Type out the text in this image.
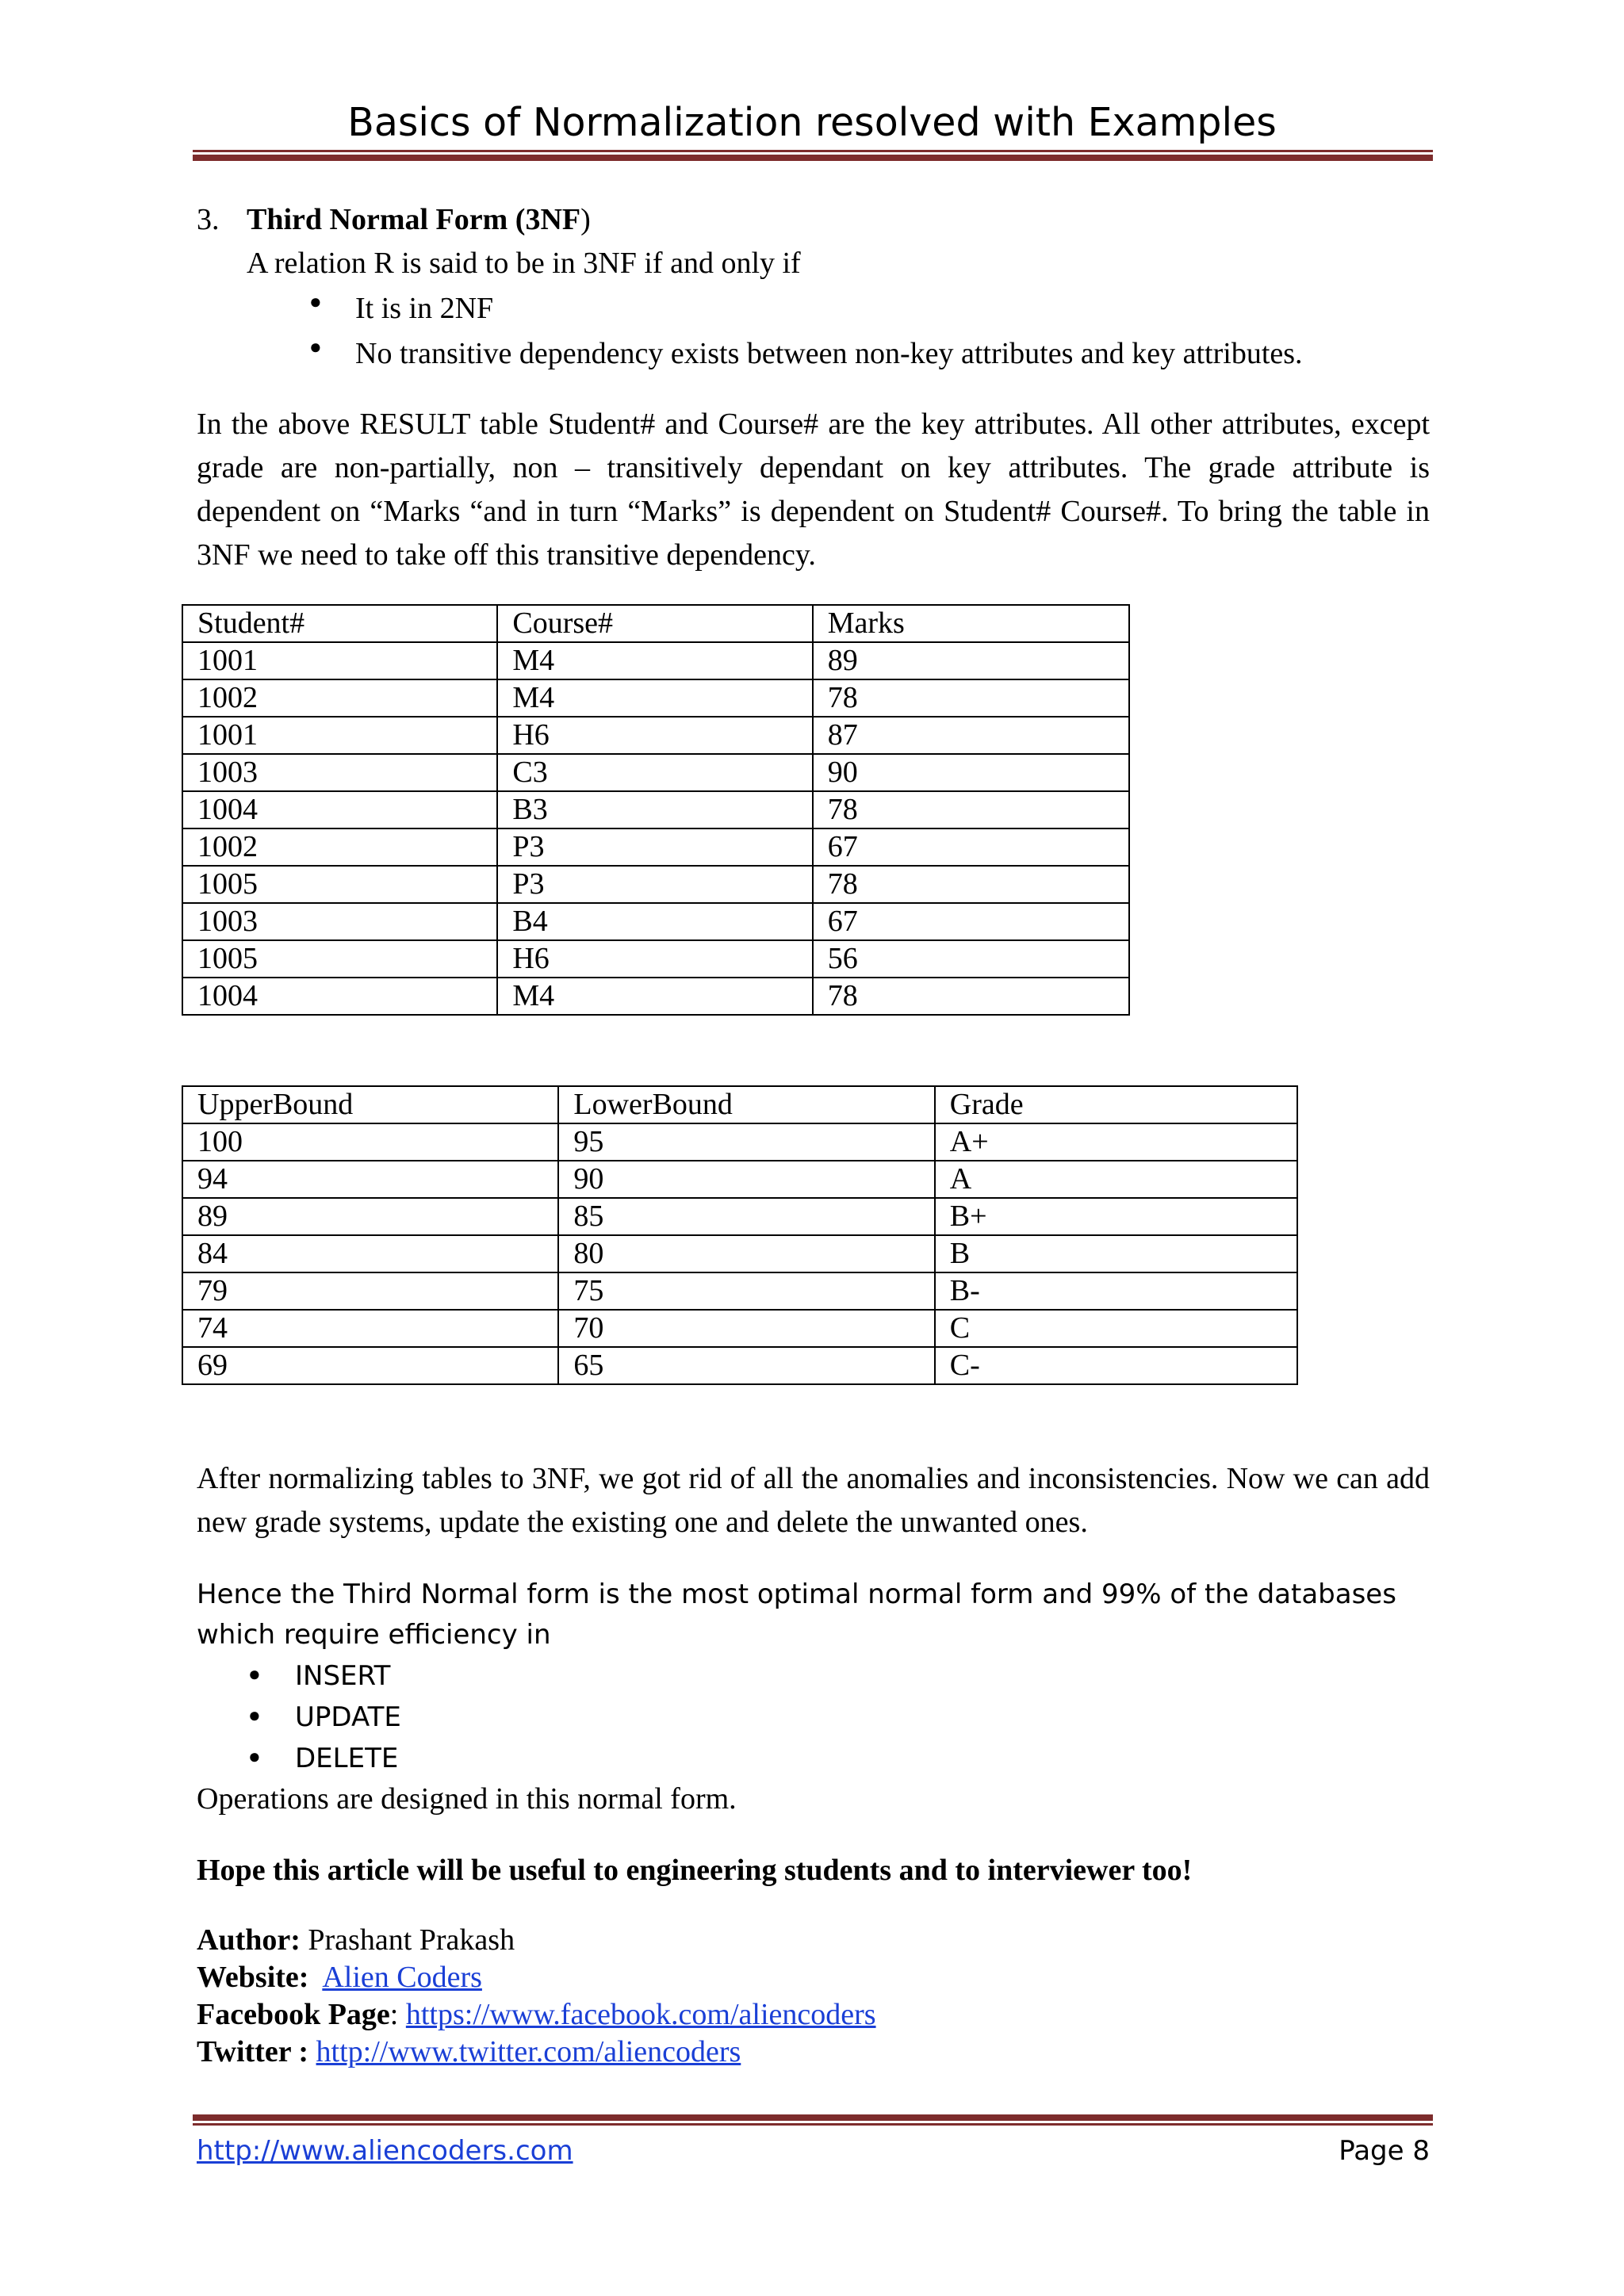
Basics of Normalization resolved with Examples
3. Third Normal Form (3NF)
A relation R is said to be in 3NF if and only if
● It is in 2NF
● No transitive dependency exists between non-key attributes and key attributes.
In the above RESULT table Student# and Course# are the key attributes. All other attributes, except grade are non-partially, non – transitively dependant on key attributes. The grade attribute is dependent on “Marks “and in turn “Marks” is dependent on Student# Course#. To bring the table in 3NF we need to take off this transitive dependency.
Student#	Course#	Marks
1001	M4	89
1002	M4	78
1001	H6	87
1003	C3	90
1004	B3	78
1002	P3	67
1005	P3	78
1003	B4	67
1005	H6	56
1004	M4	78
UpperBound	LowerBound	Grade
100	95	A+
94	90	A
89	85	B+
84	80	B
79	75	B-
74	70	C
69	65	C-
After normalizing tables to 3NF, we got rid of all the anomalies and inconsistencies. Now we can add new grade systems, update the existing one and delete the unwanted ones.
Hence the Third Normal form is the most optimal normal form and 99% of the databases
which require efficiency in
● INSERT
● UPDATE
● DELETE
Operations are designed in this normal form.
Hope this article will be useful to engineering students and to interviewer too!
Author: Prashant Prakash
Website:  Alien Coders
Facebook Page: https://www.facebook.com/aliencoders
Twitter : http://www.twitter.com/aliencoders
http://www.aliencoders.com	Page 8
